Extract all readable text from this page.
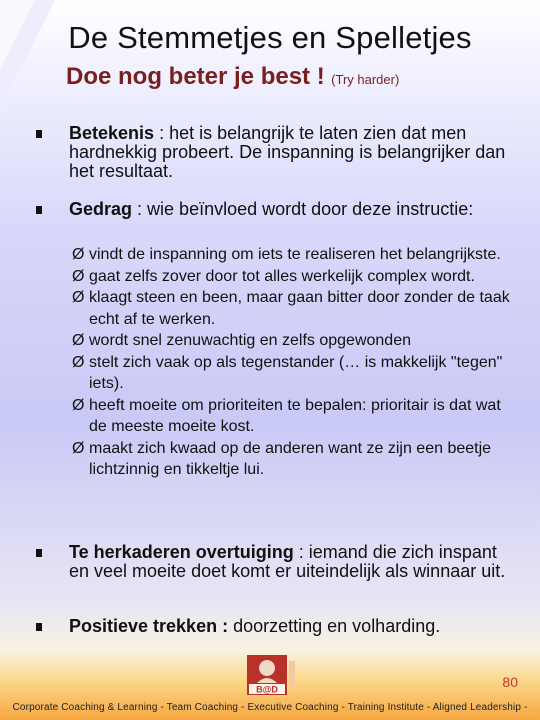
De Stemmetjes en Spelletjes
Doe nog beter je best ! (Try harder)
Betekenis : het is belangrijk te laten zien dat men hardnekkig probeert. De inspanning is belangrijker dan het resultaat.
Gedrag : wie beïnvloed wordt door deze instructie:
Ø vindt de inspanning om iets te realiseren het belangrijkste.
Ø gaat zelfs zover door tot alles werkelijk complex wordt.
Ø klaagt steen en been, maar gaan bitter door zonder de taak echt af te werken.
Ø wordt snel zenuwachtig en zelfs opgewonden
Ø stelt zich vaak op als tegenstander (… is makkelijk "tegen" iets).
Ø heeft moeite om prioriteiten te bepalen: prioritair is dat wat de meeste moeite kost.
Ø maakt zich kwaad op de anderen want ze zijn een beetje lichtzinnig en tikkeltje lui.
Te herkaderen overtuiging : iemand die zich inspant en veel moeite doet komt er uiteindelijk als winnaar uit.
Positieve trekken : doorzetting en volharding.
B@D	80
Corporate Coaching & Learning - Team Coaching - Executive Coaching - Training Institute - Aligned Leadership -
